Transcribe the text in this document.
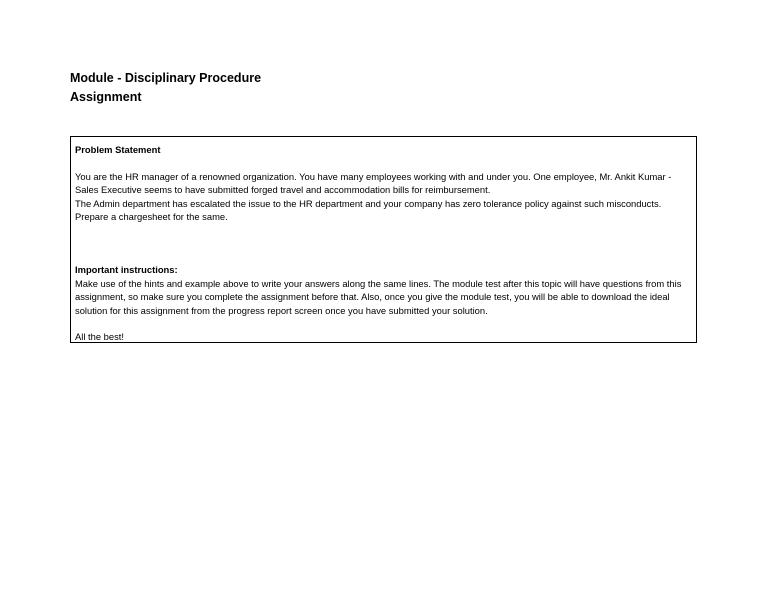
Module - Disciplinary Procedure
Assignment

Problem Statement

You are the HR manager of a renowned organization. You have many employees working with and under you. One employee, Mr. Ankit Kumar - Sales Executive seems to have submitted forged travel and accommodation bills for reimbursement.

The Admin department has escalated the issue to the HR department and your company has zero tolerance policy against such misconducts.

Prepare a chargesheet for the same.

Important instructions:

Make use of the hints and example above to write your answers along the same lines. The module test after this topic will have questions from this assignment, so make sure you complete the assignment before that. Also, once you give the module test, you will be able to download the ideal solution for this assignment from the progress report screen once you have submitted your solution.

All the best!
